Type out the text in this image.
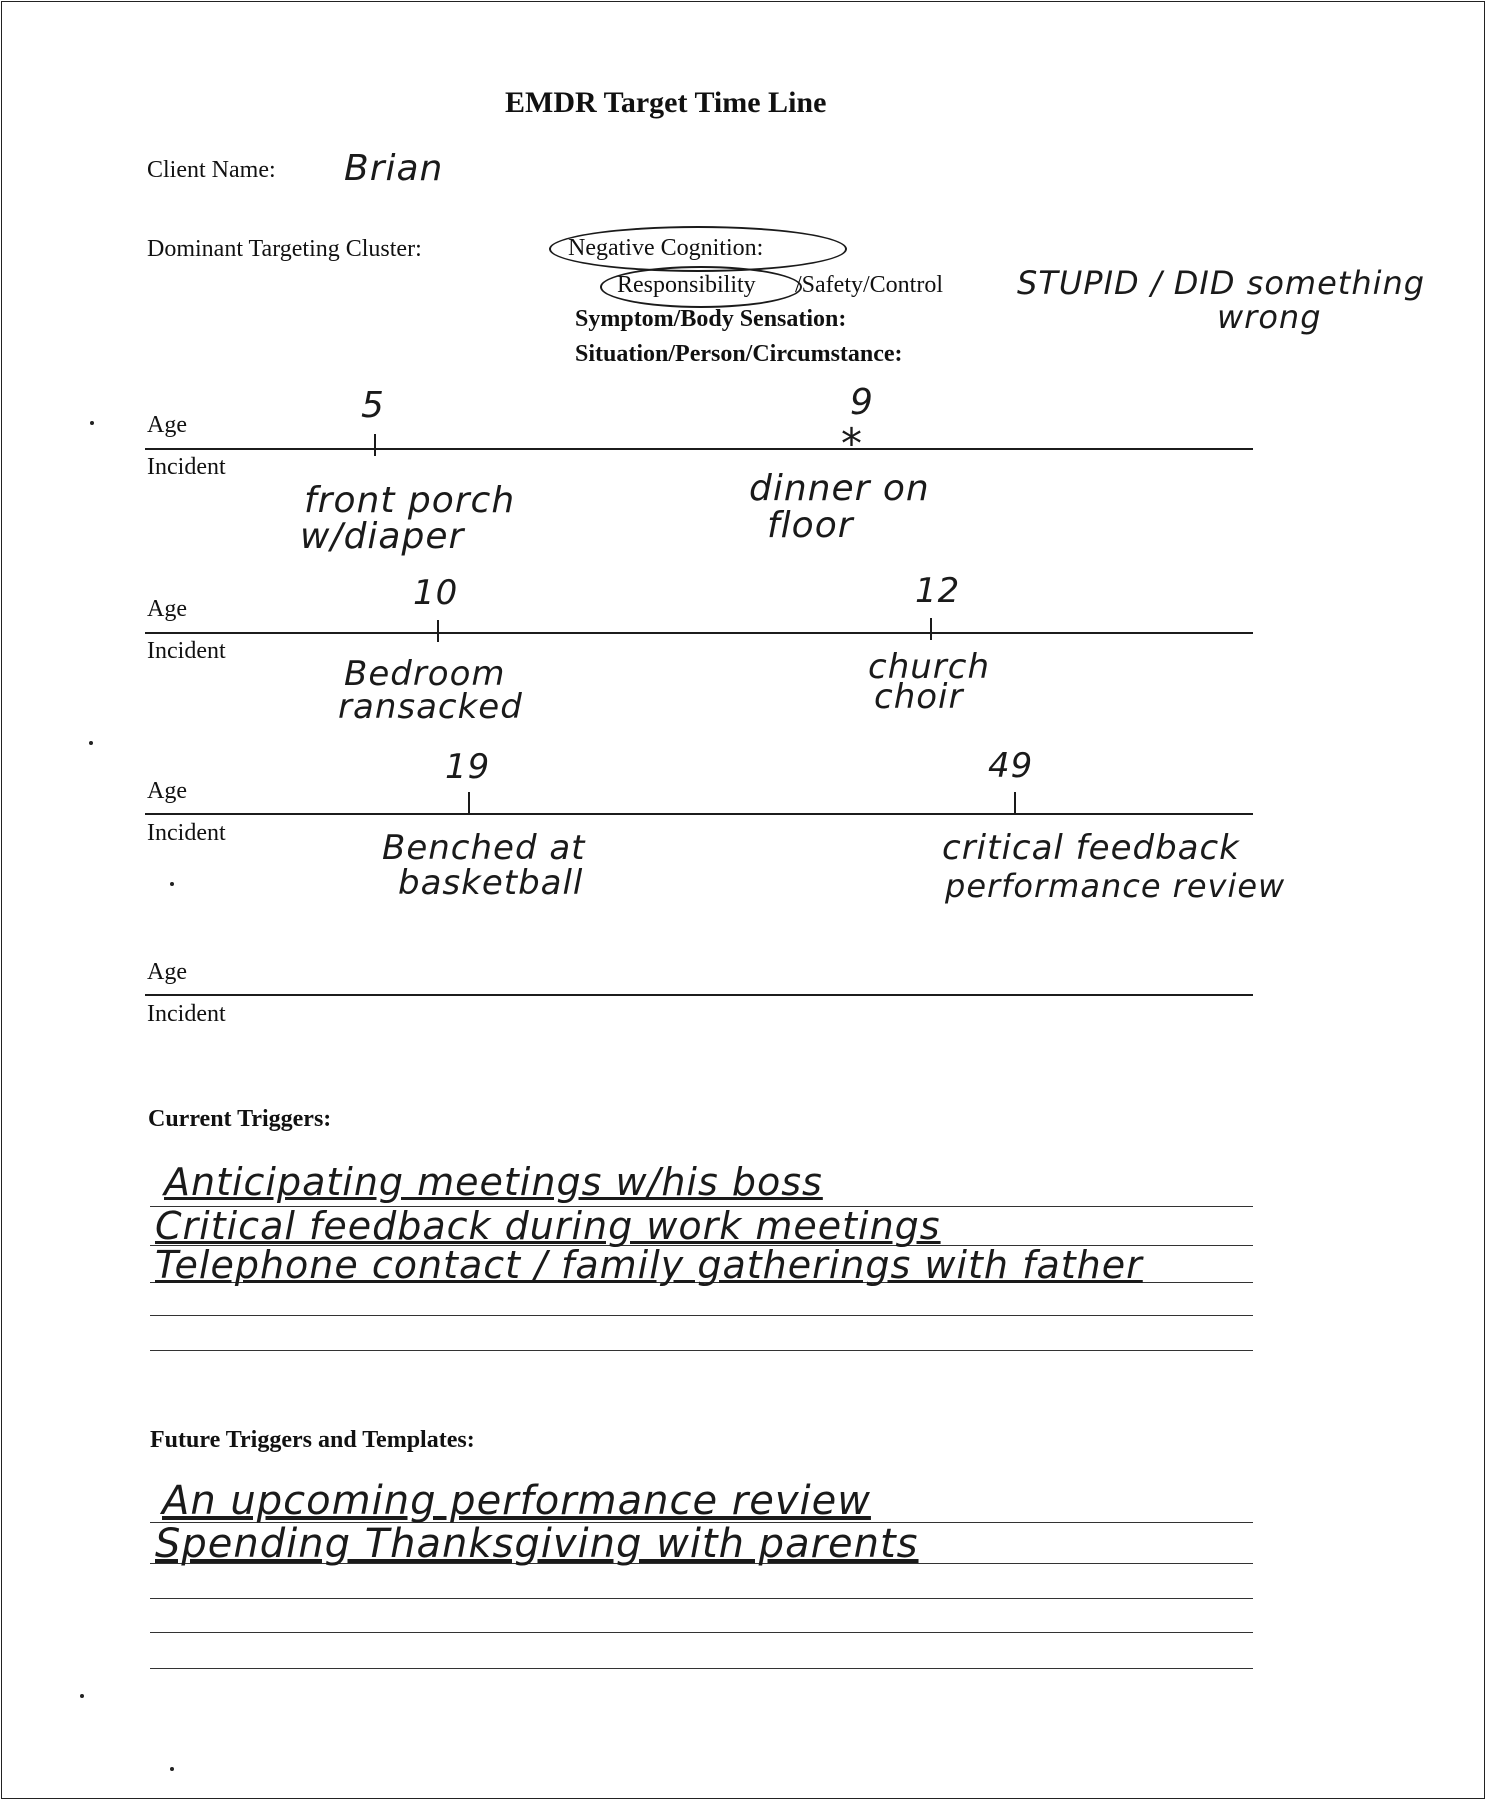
EMDR Target Time Line
Client Name: Brian
Dominant Targeting Cluster:	Negative Cognition:
Responsibility /Safety/Control
Symptom/Body Sensation:
Situation/Person/Circumstance:
STUPID / DID something
wrong
Age
Incident
5
front porch
w/diaper
9
*
dinner on
floor
Age
Incident
10
Bedroom
ransacked
12
church
choir
Age
Incident
19
Benched at
basketball
49
critical feedback
performance review
Age
Incident
Current Triggers:
Anticipating meetings w/his boss
Critical feedback during work meetings
Telephone contact / family gatherings with father
Future Triggers and Templates:
An upcoming performance review
Spending Thanksgiving with parents
